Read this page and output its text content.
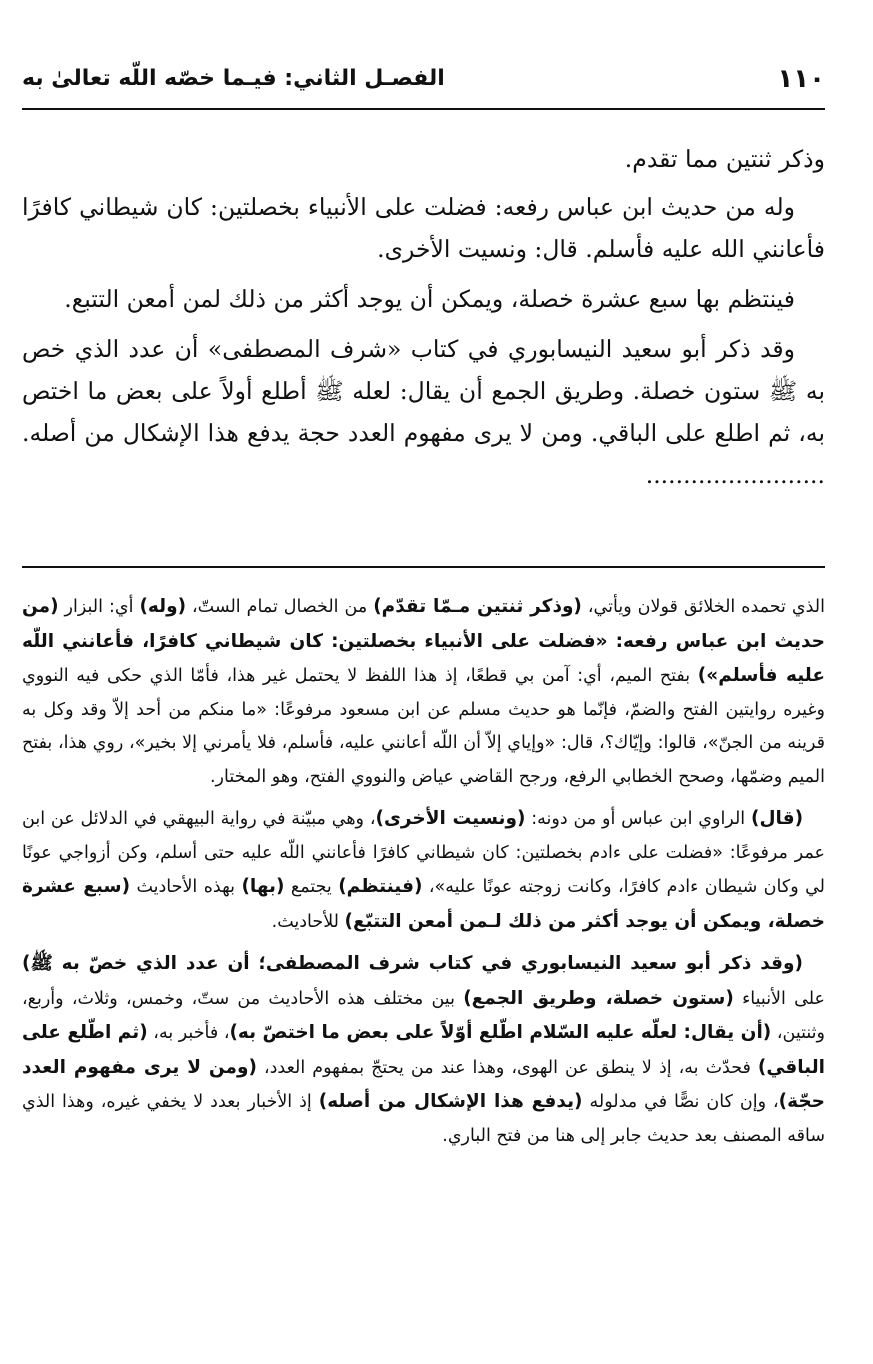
١١٠
الفصـل الثاني: فيـما خصّه اللّه تعالىٰ به

وذكر ثنتين مما تقدم.

وله من حديث ابن عباس رفعه: فضلت على الأنبياء بخصلتين: كان شيطاني كافرًا فأعانني الله عليه فأسلم. قال: ونسيت الأخرى.

فينتظم بها سبع عشرة خصلة، ويمكن أن يوجد أكثر من ذلك لمن أمعن التتبع.

وقد ذكر أبو سعيد النيسابوري في كتاب «شرف المصطفى» أن عدد الذي خص به ﷺ ستون خصلة. وطريق الجمع أن يقال: لعله ﷺ أطلع أولاً على بعض ما اختص به، ثم اطلع على الباقي. ومن لا يرى مفهوم العدد حجة يدفع هذا الإشكال من أصله. ........................

الذي تحمده الخلائق قولان ويأتي، (وذكر ثنتين مـمّا تقدّم) من الخصال تمام الستّ، (وله) أي: البزار (من حديث ابن عباس رفعه: «فضلت على الأنبياء بخصلتين: كان شيطاني كافرًا، فأعانني اللّه عليه فأسلم») بفتح الميم، أي: آمن بي قطعًا، إذ هذا اللفظ لا يحتمل غير هذا، فأمّا الذي حكى فيه النووي وغيره روايتين الفتح والضمّ، فإنّما هو حديث مسلم عن ابن مسعود مرفوعًا: «ما منكم من أحد إلاّ وقد وكل به قرينه من الجنّ»، قالوا: وإيّاك؟، قال: «وإياي إلاّ أن اللّه أعانني عليه، فأسلم، فلا يأمرني إلا بخير»، روي هذا، بفتح الميم وضمّها، وصحح الخطابي الرفع، ورجح القاضي عياض والنووي الفتح، وهو المختار.

(قال) الراوي ابن عباس أو من دونه: (ونسيت الأخرى)، وهي مبيّنة في رواية البيهقي في الدلائل عن ابن عمر مرفوعًا: «فضلت على ءادم بخصلتين: كان شيطاني كافرًا فأعانني اللّه عليه حتى أسلم، وكن أزواجي عونًا لي وكان شيطان ءادم كافرًا، وكانت زوجته عونًا عليه»، (فينتظم) يجتمع (بها) بهذه الأحاديث (سبع عشرة خصلة، ويمكن أن يوجد أكثر من ذلك لـمن أمعن التتبّع) للأحاديث.

(وقد ذكر أبو سعيد النيسابوري في كتاب شرف المصطفى؛ أن عدد الذي خصّ به ﷺ) على الأنبياء (ستون خصلة، وطريق الجمع) بين مختلف هذه الأحاديث من ستّ، وخمس، وثلاث، وأربع، وثنتين، (أن يقال: لعلّه عليه السّلام اطّلع أوّلاً على بعض ما اختصّ به)، فأخبر به، (ثم اطّلع على الباقي) فحدّث به، إذ لا ينطق عن الهوى، وهذا عند من يحتجّ بمفهوم العدد، (ومن لا يرى مفهوم العدد حجّة)، وإن كان نصًّا في مدلوله (يدفع هذا الإشكال من أصله) إذ الأخبار بعدد لا يخفي غيره، وهذا الذي ساقه المصنف بعد حديث جابر إلى هنا من فتح الباري.
